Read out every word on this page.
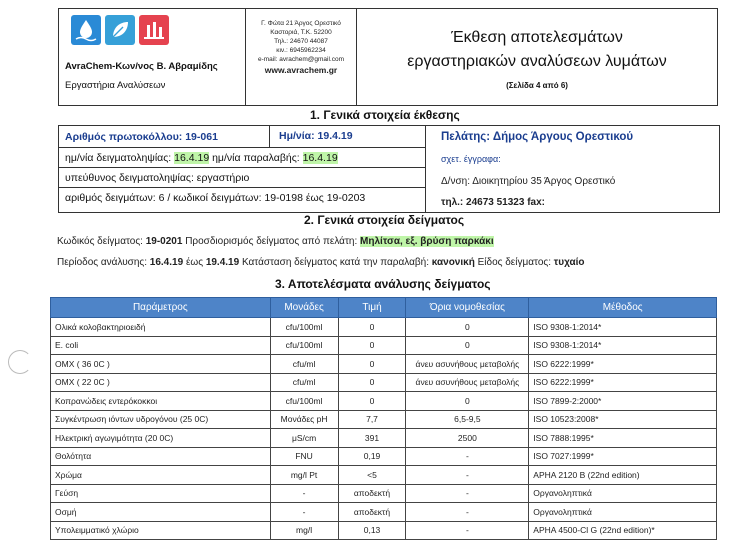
AvraChem-Κων/νος Β. Αβραμίδης
Εργαστήρια Αναλύσεων
Γ. Φώτα 21 Άργος Ορεστικό
Καστοριά, Τ.Κ. 52200
Τηλ.: 24670 44087
κιν.: 6945962234
e-mail: avrachem@gmail.com
www.avrachem.gr
Έκθεση αποτελεσμάτων
εργαστηριακών αναλύσεων λυμάτων
(Σελίδα 4 από 6)
1. Γενικά στοιχεία έκθεσης
Αριθμός πρωτοκόλλου: 19-061	Ημ/νία: 19.4.19
ημ/νία δειγματοληψίας: 16.4.19 ημ/νία παραλαβής: 16.4.19
υπεύθυνος δειγματοληψίας: εργαστήριο
αριθμός δειγμάτων: 6 / κωδικοί δειγμάτων: 19-0198 έως 19-0203
Πελάτης: Δήμος Άργους Ορεστικού
σχετ. έγγραφα:
Δ/νση: Διοικητηρίου 35 Άργος Ορεστικό
τηλ.: 24673 51323 fax:
2. Γενικά στοιχεία δείγματος
Κωδικός δείγματος: 19-0201 Προσδιορισμός δείγματος από πελάτη: Μηλίτσα, εξ. βρύση παρκάκι
Περίοδος ανάλυσης: 16.4.19 έως 19.4.19 Κατάσταση δείγματος κατά την παραλαβή: κανονική Είδος δείγματος: τυχαίο
3. Αποτελέσματα ανάλυσης δείγματος
Παράμετρος	Μονάδες	Τιμή	Όρια νομοθεσίας	Μέθοδος
Ολικά κολοβακτηριοειδή	cfu/100ml	0	0	ISO 9308-1:2014*
E. coli	cfu/100ml	0	0	ISO 9308-1:2014*
ΟΜΧ ( 36 0C )	cfu/ml	0	άνευ ασυνήθους μεταβολής	ISO 6222:1999*
ΟΜΧ ( 22 0C )	cfu/ml	0	άνευ ασυνήθους μεταβολής	ISO 6222:1999*
Κοπρανώδεις εντερόκοκκοι	cfu/100ml	0	0	ISO 7899-2:2000*
Συγκέντρωση ιόντων υδρογόνου (25 0C)	Μονάδες pH	7,7	6,5-9,5	ISO 10523:2008*
Ηλεκτρική αγωγιμότητα (20 0C)	μS/cm	391	2500	ISO 7888:1995*
Θολότητα	FNU	0,19	-	ISO 7027:1999*
Χρώμα	mg/l Pt	<5	-	APHA 2120 B (22nd edition)
Γεύση	-	αποδεκτή	-	Οργανοληπτικά
Οσμή	-	αποδεκτή	-	Οργανοληπτικά
Υπολειμματικό χλώριο	mg/l	0,13	-	APHA 4500-Cl G (22nd edition)*
